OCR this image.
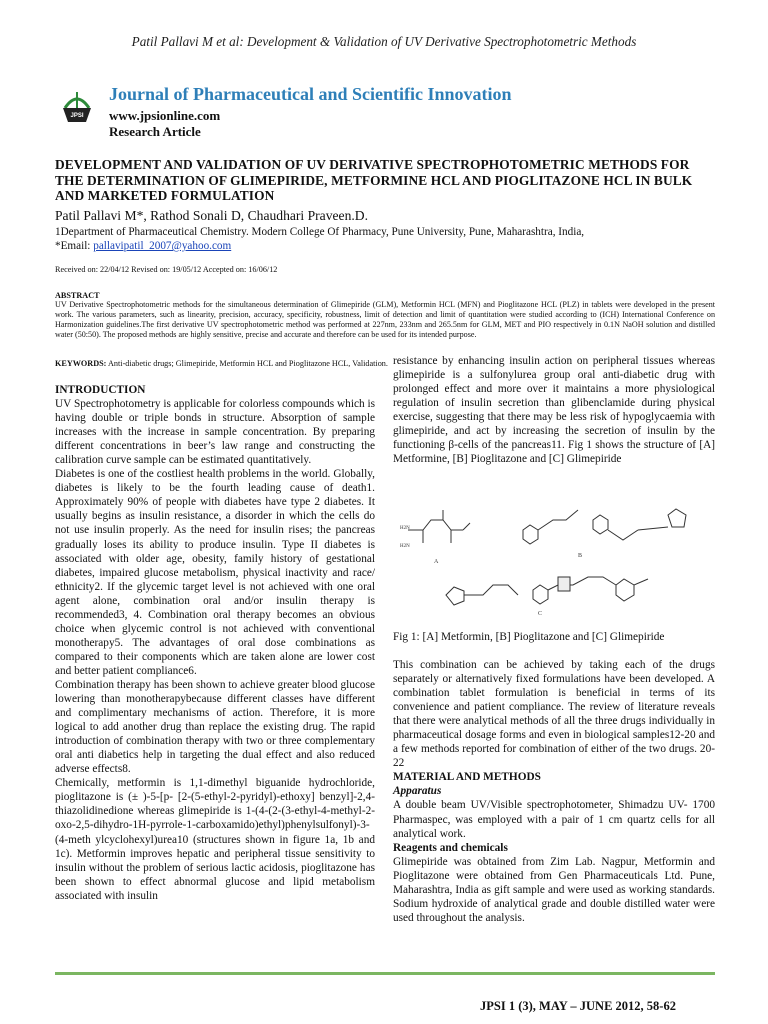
Patil Pallavi M et al: Development & Validation of UV Derivative Spectrophotometric Methods
JPSI
Journal of Pharmaceutical and Scientific Innovation
www.jpsionline.com
Research Article
DEVELOPMENT AND VALIDATION OF UV DERIVATIVE SPECTROPHOTOMETRIC METHODS FOR THE DETERMINATION OF GLIMEPIRIDE, METFORMINE HCL AND PIOGLITAZONE HCL IN BULK AND MARKETED FORMULATION
Patil Pallavi M*, Rathod Sonali D, Chaudhari Praveen.D.
1Department of Pharmaceutical Chemistry. Modern College Of Pharmacy, Pune University, Pune, Maharashtra, India,
*Email: pallavipatil_2007@yahoo.com
Received on: 22/04/12 Revised on: 19/05/12 Accepted on: 16/06/12
ABSTRACT
UV Derivative Spectrophotometric methods for the simultaneous determination of Glimepiride (GLM), Metformin HCL (MFN) and Pioglitazone HCL (PLZ) in tablets were developed in the present work. The various parameters, such as linearity, precision, accuracy, specificity, robustness, limit of detection and limit of quantitation were studied according to (ICH) International Conference on Harmonization guidelines.The first derivative UV spectrophotometric method was performed at 227nm, 233nm and 265.5nm for GLM, MET and PIO respectively in 0.1N NaOH solution and distilled water (50:50). The proposed methods are highly sensitive, precise and accurate and therefore can be used for its intended purpose.
KEYWORDS: Anti-diabetic drugs; Glimepiride, Metformin HCL and Pioglitazone HCL, Validation.
INTRODUCTION
UV Spectrophotometry is applicable for colorless compounds which is having double or triple bonds in structure. Absorption of sample increases with the increase in sample concentration. By preparing different concentrations in beer’s law range and constructing the calibration curve sample can be estimated quantitatively.
Diabetes is one of the costliest health problems in the world. Globally, diabetes is likely to be the fourth leading cause of death1. Approximately 90% of people with diabetes have type 2 diabetes. It usually begins as insulin resistance, a disorder in which the cells do not use insulin properly. As the need for insulin rises; the pancreas gradually loses its ability to produce insulin. Type II diabetes is associated with older age, obesity, family history of gestational diabetes, impaired glucose metabolism, physical inactivity and race/ ethnicity2. If the glycemic target level is not achieved with one oral agent alone, combination oral and/or insulin therapy is recommended3, 4. Combination oral therapy becomes an obvious choice when glycemic control is not achieved with conventional monotherapy5. The advantages of oral dose combinations as compared to their components which are taken alone are lower cost and better patient compliance6.
Combination therapy has been shown to achieve greater blood glucose lowering than monotherapybecause different classes have different and complimentary mechanisms of action. Therefore, it is more logical to add another drug than replace the existing drug. The rapid introduction of combination therapy with two or three complementary oral anti diabetics help in targeting the dual effect and also reduced adverse effects8.
Chemically, metformin is 1,1-dimethyl biguanide hydrochloride, pioglitazone is (± )-5-[p- [2-(5-ethyl-2-pyridyl)-ethoxy] benzyl]-2,4-thiazolidinedione whereas glimepiride is 1-(4-(2-(3-ethyl-4-methyl-2-oxo-2,5-dihydro-1H-pyrrole-1-carboxamido)ethyl)phenylsulfonyl)-3-(4-meth ylcyclohexyl)urea10 (structures shown in figure 1a, 1b and 1c). Metformin improves hepatic and peripheral tissue sensitivity to insulin without the problem of serious lactic acidosis, pioglitazone has been shown to effect abnormal glucose and lipid metabolism associated with insulin
resistance by enhancing insulin action on peripheral tissues whereas glimepiride is a sulfonylurea group oral anti-diabetic drug with prolonged effect and more over it maintains a more physiological regulation of insulin secretion than glibenclamide during physical exercise, suggesting that there may be less risk of hypoglycaemia with glimepiride, and act by increasing the secretion of insulin by the functioning β-cells of the pancreas11. Fig 1 shows the structure of [A] Metformine, [B] Pioglitazone and [C] Glimepiride
H2N
H2N
A
B
C
Fig 1: [A] Metformin, [B] Pioglitazone and [C] Glimepiride
This combination can be achieved by taking each of the drugs separately or alternatively fixed formulations have been developed. A combination tablet formulation is beneficial in terms of its convenience and patient compliance. The review of literature reveals that there were analytical methods of all the three drugs individually in pharmaceutical dosage forms and even in biological samples12-20 and a few methods reported for combination of either of the two drugs. 20-22
MATERIAL AND METHODS
Apparatus
A double beam UV/Visible spectrophotometer, Shimadzu UV- 1700 Pharmaspec, was employed with a pair of 1 cm quartz cells for all analytical work.
Reagents and chemicals
Glimepiride was obtained from Zim Lab. Nagpur, Metformin and Pioglitazone were obtained from Gen Pharmaceuticals Ltd. Pune, Maharashtra, India as gift sample and were used as working standards. Sodium hydroxide of analytical grade and double distilled water were used throughout the analysis.
JPSI 1 (3), MAY – JUNE 2012, 58-62
